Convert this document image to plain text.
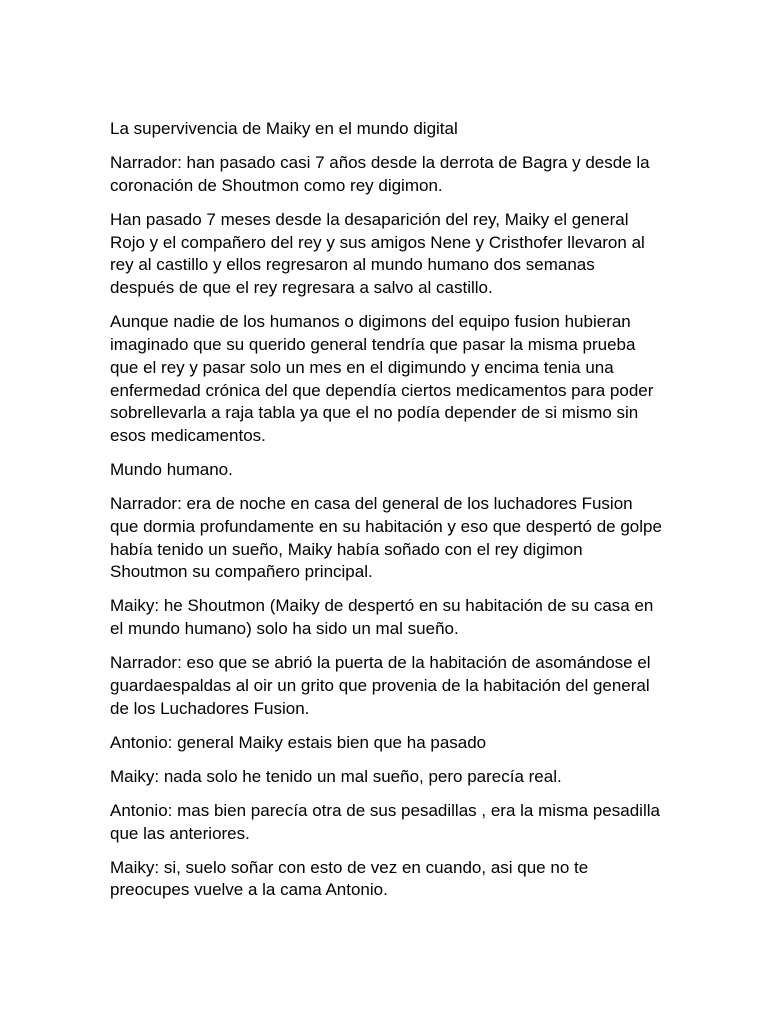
La supervivencia de Maiky en el mundo digital

Narrador: han pasado casi 7 años desde la derrota de Bagra y desde la coronación de Shoutmon como rey digimon.

Han pasado 7 meses desde la desaparición del rey, Maiky el general Rojo y el compañero del rey y sus amigos Nene y Cristhofer llevaron al rey al castillo y ellos regresaron al mundo humano dos semanas después de que el rey regresara a salvo al castillo.

Aunque nadie de los humanos o digimons del equipo fusion hubieran imaginado que su querido general tendría que pasar la misma prueba que el rey y pasar solo un mes en el digimundo y encima tenia una enfermedad crónica del que dependía ciertos medicamentos para poder sobrellevarla a raja tabla ya que el no podía depender de si mismo sin esos medicamentos.

Mundo humano.

Narrador: era de noche en casa del general de los luchadores Fusion que dormia profundamente en su habitación y eso que despertó de golpe había tenido un sueño, Maiky había soñado con el rey digimon Shoutmon su compañero principal.

Maiky: he Shoutmon (Maiky de despertó en su habitación de su casa en el mundo humano) solo ha sido un mal sueño.

Narrador: eso que se abrió la puerta de la habitación de asomándose el guardaespaldas al oir un grito que provenia de la habitación del general de los Luchadores Fusion.

Antonio: general Maiky estais bien que ha pasado

Maiky: nada solo he tenido un mal sueño, pero parecía real.

Antonio: mas bien parecía otra de sus pesadillas , era la misma pesadilla que las anteriores.

Maiky: si, suelo soñar con esto de vez en cuando, asi que no te preocupes vuelve a la cama Antonio.
